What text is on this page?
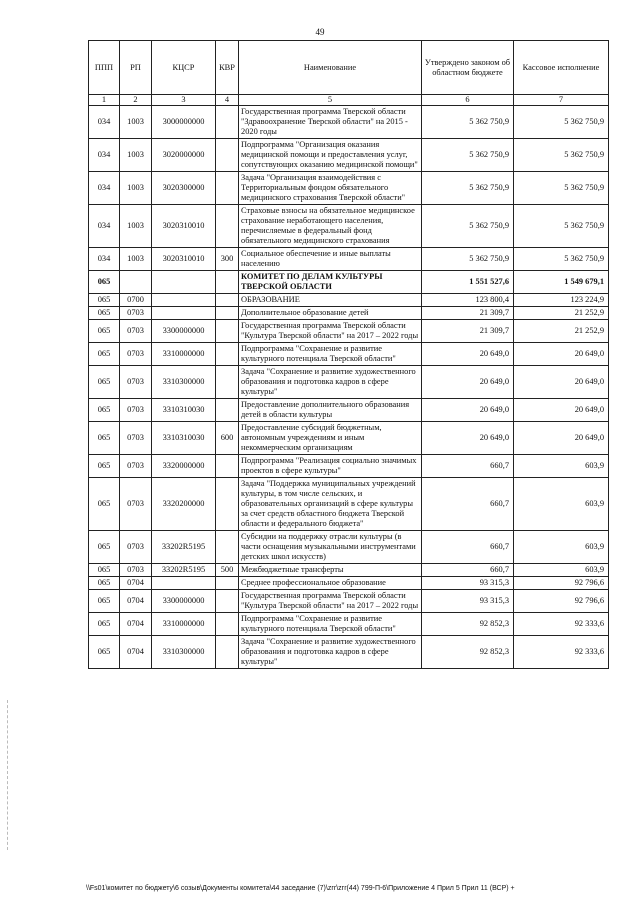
49
ППП	РП	КЦСР	КВР	Наименование	Утверждено законом об областном бюджете	Кассовое исполнение
1	2	3	4	5	6	7
034	1003	3000000000		Государственная программа Тверской области "Здравоохранение Тверской области" на 2015 - 2020 годы	5 362 750,9	5 362 750,9
034	1003	3020000000		Подпрограмма "Организация оказания медицинской помощи и предоставления услуг, сопутствующих оказанию медицинской помощи"	5 362 750,9	5 362 750,9
034	1003	3020300000		Задача "Организация взаимодействия с Территориальным фондом обязательного медицинского страхования Тверской области"	5 362 750,9	5 362 750,9
034	1003	3020310010		Страховые взносы на обязательное медицинское страхование неработающего населения, перечисляемые в федеральный фонд обязательного медицинского страхования	5 362 750,9	5 362 750,9
034	1003	3020310010	300	Социальное обеспечение и иные выплаты населению	5 362 750,9	5 362 750,9
065				КОМИТЕТ ПО ДЕЛАМ КУЛЬТУРЫ ТВЕРСКОЙ ОБЛАСТИ	1 551 527,6	1 549 679,1
065	0700			ОБРАЗОВАНИЕ	123 800,4	123 224,9
065	0703			Дополнительное образование детей	21 309,7	21 252,9
065	0703	3300000000		Государственная программа Тверской области "Культура Тверской области" на 2017 – 2022 годы	21 309,7	21 252,9
065	0703	3310000000		Подпрограмма "Сохранение и развитие культурного потенциала Тверской области"	20 649,0	20 649,0
065	0703	3310300000		Задача "Сохранение и развитие художественного образования и подготовка кадров в сфере культуры"	20 649,0	20 649,0
065	0703	3310310030		Предоставление дополнительного образования детей в области культуры	20 649,0	20 649,0
065	0703	3310310030	600	Предоставление субсидий бюджетным, автономным учреждениям и иным некоммерческим организациям	20 649,0	20 649,0
065	0703	3320000000		Подпрограмма "Реализация социально значимых проектов в сфере культуры"	660,7	603,9
065	0703	3320200000		Задача "Поддержка муниципальных учреждений культуры, в том числе сельских, и образовательных организаций в сфере культуры за счет средств областного бюджета Тверской области и федерального бюджета"	660,7	603,9
065	0703	33202R5195		Субсидии на поддержку отрасли культуры (в части оснащения музыкальными инструментами детских школ искусств)	660,7	603,9
065	0703	33202R5195	500	Межбюджетные трансферты	660,7	603,9
065	0704			Среднее профессиональное образование	93 315,3	92 796,6
065	0704	3300000000		Государственная программа Тверской области "Культура Тверской области" на 2017 – 2022 годы	93 315,3	92 796,6
065	0704	3310000000		Подпрограмма "Сохранение и развитие культурного потенциала Тверской области"	92 852,3	92 333,6
065	0704	3310300000		Задача "Сохранение и развитие художественного образования и подготовка кадров в сфере культуры"	92 852,3	92 333,6
\\Fs01\комитет по бюджету\6 созыв\Документы комитета\44 заседание (7)\zгr\zгr(44) 799-П-6\Приложение 4 Прил 5 Прил 11 (ВСР) +
